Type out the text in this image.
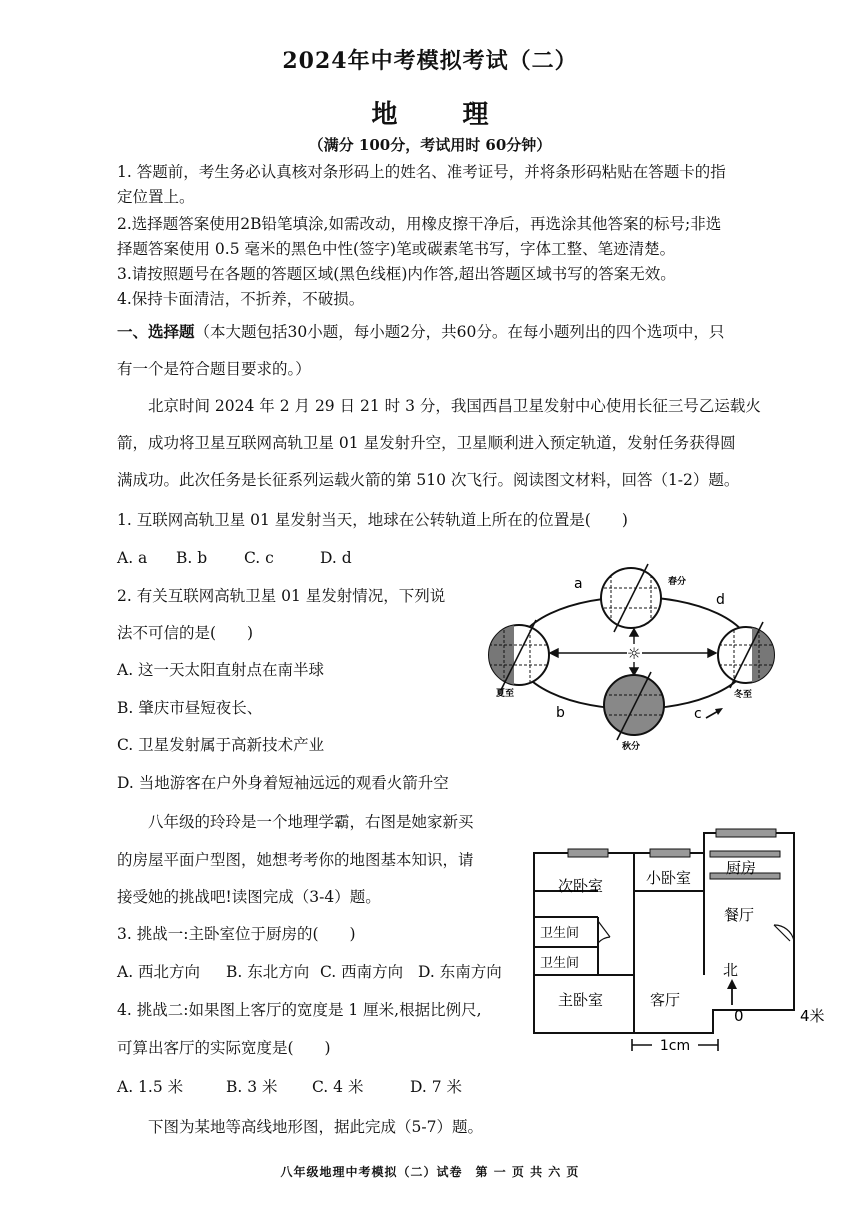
2024年中考模拟考试（二）
地 理
（满分 100分，考试用时 60分钟）
1. 答题前，考生务必认真核对条形码上的姓名、准考证号，并将条形码粘贴在答题卡的指
定位置上。
2.选择题答案使用2B铅笔填涂,如需改动，用橡皮擦干净后，再选涂其他答案的标号;非选
择题答案使用 0.5 毫米的黑色中性(签字)笔或碳素笔书写，字体工整、笔迹清楚。
3.请按照题号在各题的答题区域(黑色线框)内作答,超出答题区域书写的答案无效。
4.保持卡面清洁，不折养，不破损。
一、选择题（本大题包括30小题，每小题2分，共60分。在每小题列出的四个选项中，只
有一个是符合题目要求的。）
北京时间 2024 年 2 月 29 日 21 时 3 分，我国西昌卫星发射中心使用长征三号乙运载火
箭，成功将卫星互联网高轨卫星 01 星发射升空，卫星顺利进入预定轨道，发射任务获得圆
满成功。此次任务是长征系列运载火箭的第 510 次飞行。阅读图文材料，回答（1-2）题。
1. 互联网高轨卫星 01 星发射当天，地球在公转轨道上所在的位置是(　　)
A. a B. b C. c	D. d
2. 有关互联网高轨卫星 01 星发射情况，下列说
法不可信的是(　　)
A. 这一天太阳直射点在南半球
B. 肇庆市昼短夜长、
C. 卫星发射属于高新技术产业
D. 当地游客在户外身着短袖远远的观看火箭升空
☼
a
b	c
d
春分
夏至
秋分
冬至
八年级的玲玲是一个地理学霸，右图是她家新买
的房屋平面户型图，她想考考你的地图基本知识，请
接受她的挑战吧!读图完成（3-4）题。
3. 挑战一:主卧室位于厨房的(　　)
A. 西北方向 B. 东北方向 C. 西南方向 D. 东南方向
4. 挑战二:如果图上客厅的宽度是 1 厘米,根据比例尺,
可算出客厅的实际宽度是(　　)
A. 1.5 米	B. 3 米 C. 4 米	D. 7 米
次卧室	小卧室
厨房
餐厅
卫生间
卫生间
主卧室	客厅
北
1cm
0	4米
下图为某地等高线地形图，据此完成（5-7）题。
八年级地理中考模拟（二）试卷　第 一 页 共 六 页
